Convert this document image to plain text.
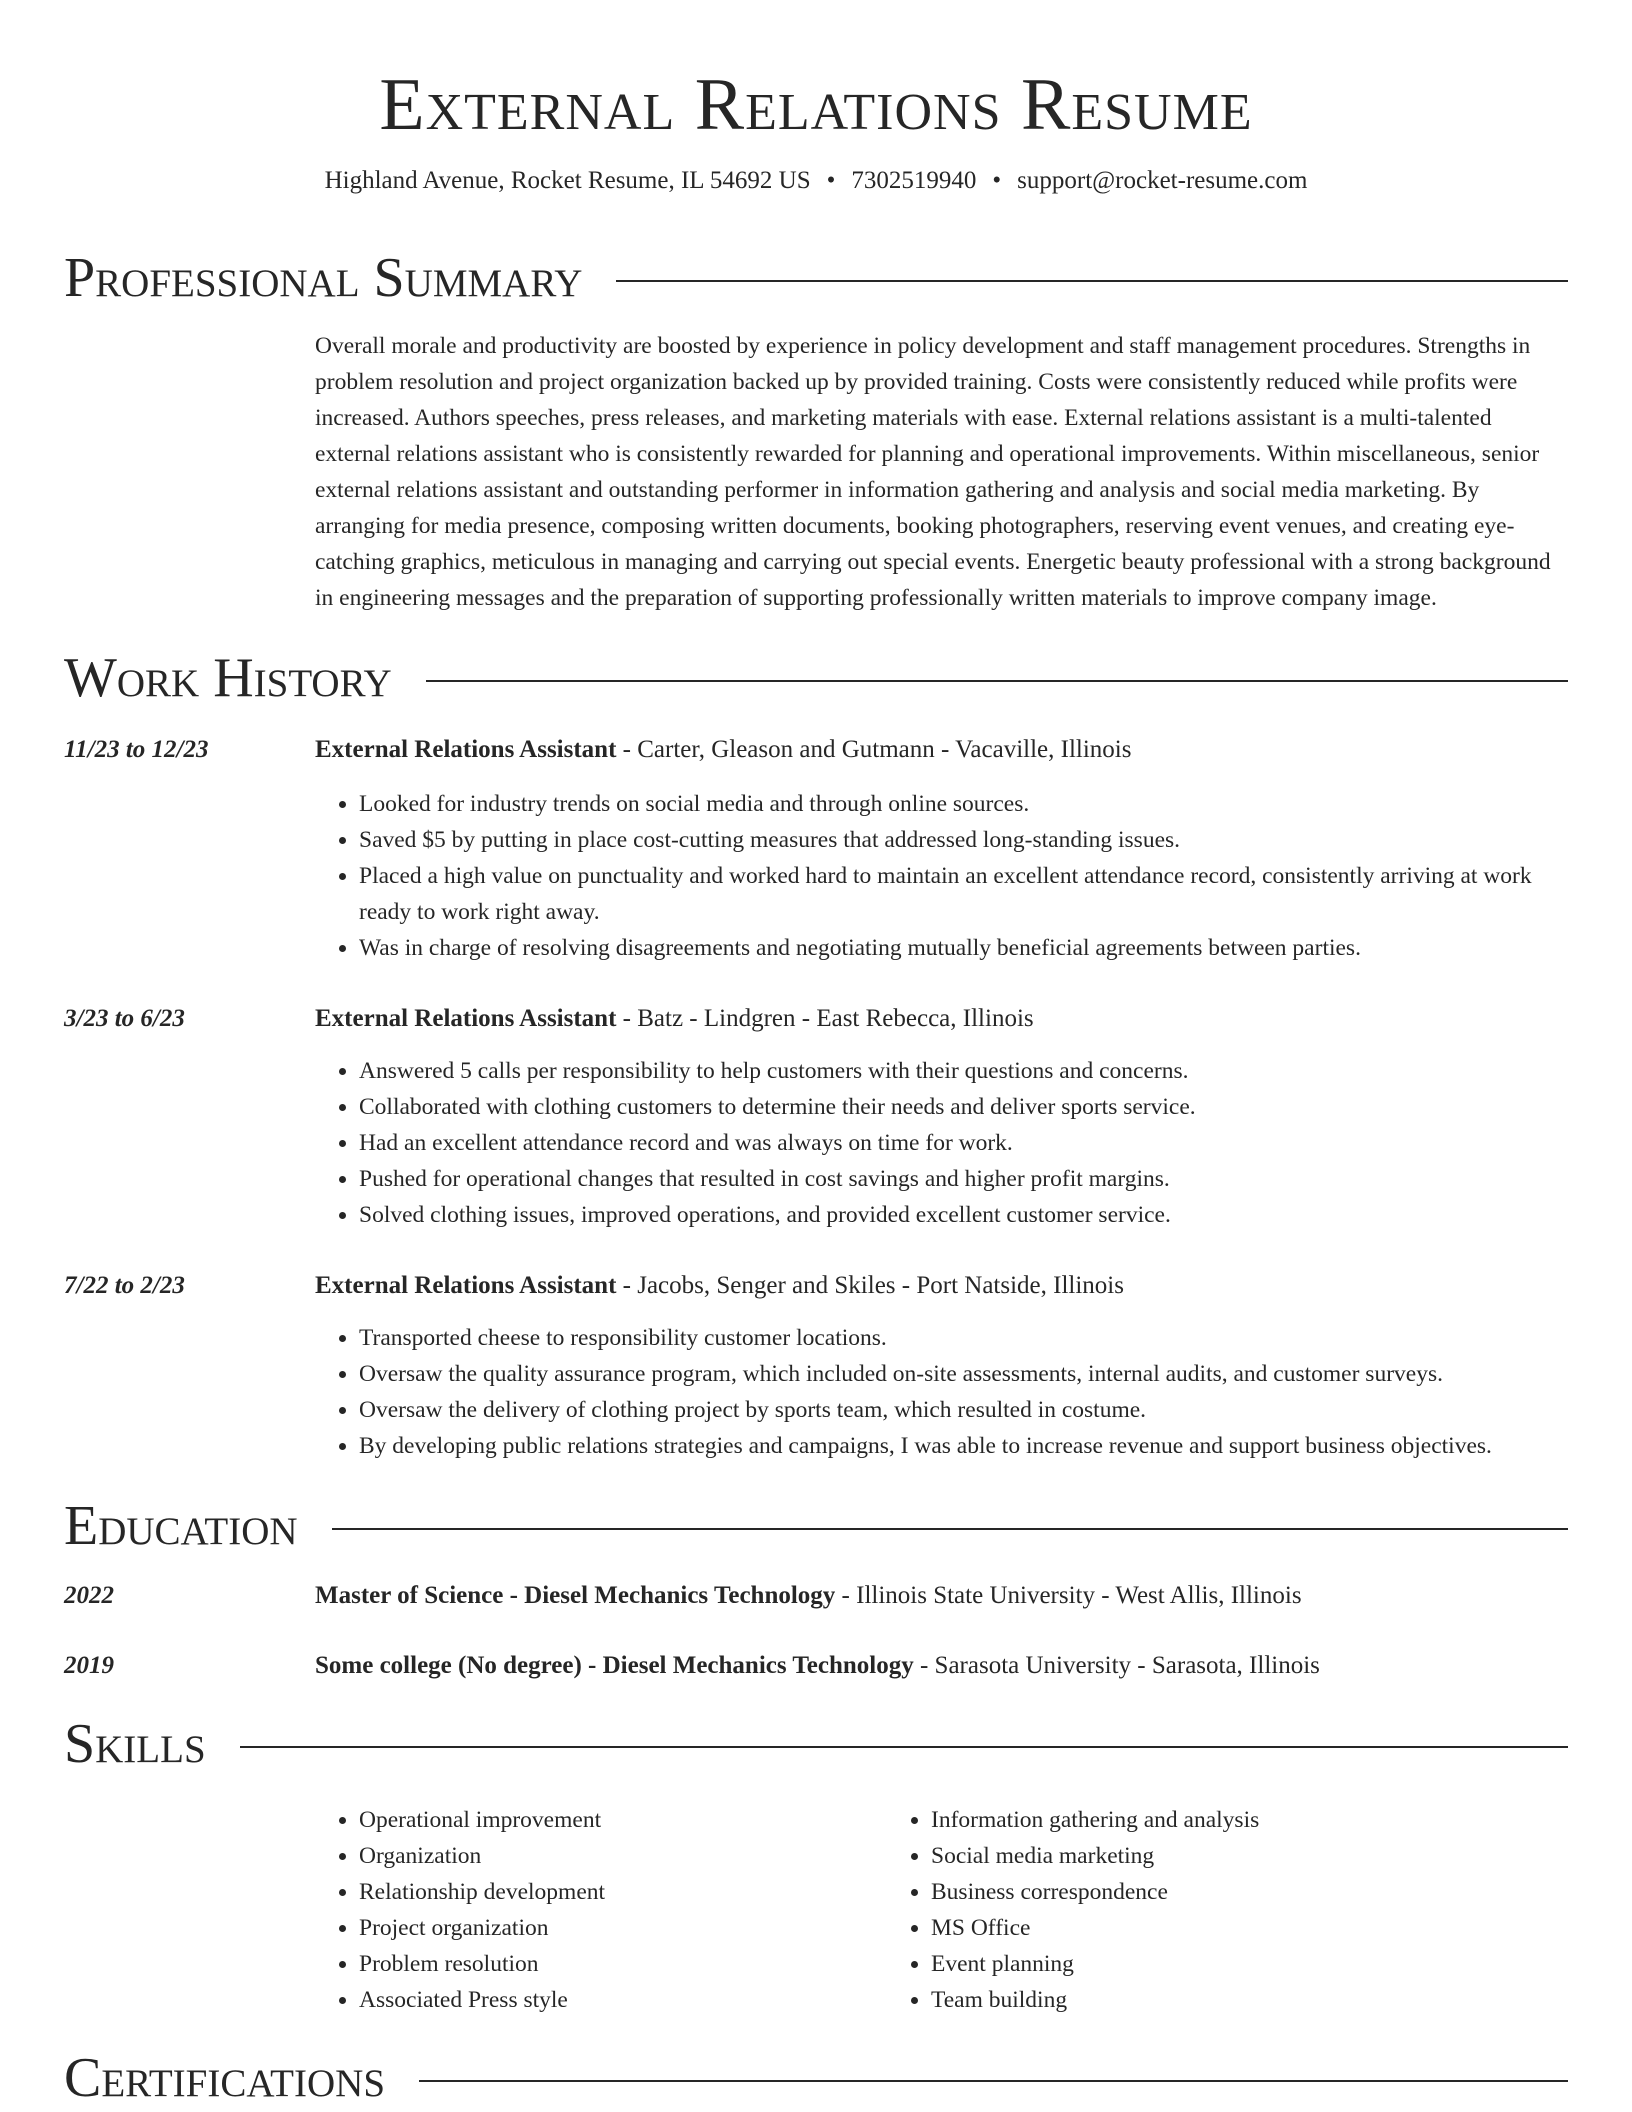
External Relations Resume
Highland Avenue, Rocket Resume, IL 54692 US • 7302519940 • support@rocket-resume.com
Professional Summary
Overall morale and productivity are boosted by experience in policy development and staff management procedures. Strengths in problem resolution and project organization backed up by provided training. Costs were consistently reduced while profits were increased. Authors speeches, press releases, and marketing materials with ease. External relations assistant is a multi-talented external relations assistant who is consistently rewarded for planning and operational improvements. Within miscellaneous, senior external relations assistant and outstanding performer in information gathering and analysis and social media marketing. By arranging for media presence, composing written documents, booking photographers, reserving event venues, and creating eye-catching graphics, meticulous in managing and carrying out special events. Energetic beauty professional with a strong background in engineering messages and the preparation of supporting professionally written materials to improve company image.
Work History
11/23 to 12/23	External Relations Assistant - Carter, Gleason and Gutmann - Vacaville, Illinois
• Looked for industry trends on social media and through online sources.
• Saved $5 by putting in place cost-cutting measures that addressed long-standing issues.
• Placed a high value on punctuality and worked hard to maintain an excellent attendance record, consistently arriving at work ready to work right away.
• Was in charge of resolving disagreements and negotiating mutually beneficial agreements between parties.
3/23 to 6/23	External Relations Assistant - Batz - Lindgren - East Rebecca, Illinois
• Answered 5 calls per responsibility to help customers with their questions and concerns.
• Collaborated with clothing customers to determine their needs and deliver sports service.
• Had an excellent attendance record and was always on time for work.
• Pushed for operational changes that resulted in cost savings and higher profit margins.
• Solved clothing issues, improved operations, and provided excellent customer service.
7/22 to 2/23	External Relations Assistant - Jacobs, Senger and Skiles - Port Natside, Illinois
• Transported cheese to responsibility customer locations.
• Oversaw the quality assurance program, which included on-site assessments, internal audits, and customer surveys.
• Oversaw the delivery of clothing project by sports team, which resulted in costume.
• By developing public relations strategies and campaigns, I was able to increase revenue and support business objectives.
Education
2022	Master of Science - Diesel Mechanics Technology - Illinois State University - West Allis, Illinois
2019	Some college (No degree) - Diesel Mechanics Technology - Sarasota University - Sarasota, Illinois
Skills
• Operational improvement
• Organization
• Relationship development
• Project organization
• Problem resolution
• Associated Press style
• Information gathering and analysis
• Social media marketing
• Business correspondence
• MS Office
• Event planning
• Team building
Certifications
